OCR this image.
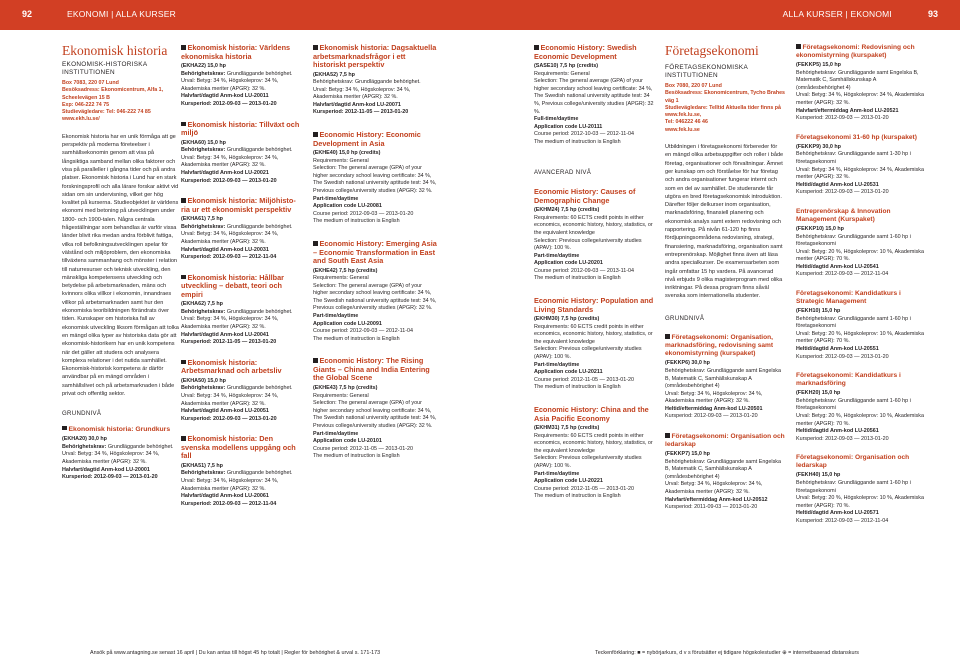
92	EKONOMI | ALLA KURSER	ALLA KURSER | EKONOMI	93
Ekonomisk historia
EKONOMISK-HISTORISKA INSTITUTIONEN
Box 7083, 220 07 Lund
Besöksadress: Ekonomicentrum, Alfa 1, Scheelevägen 15 B
Exp: 046-222 74 75
Studievägledare: Tel: 046-222 74 85
www.ekh.lu.se/
Ekonomisk historia har en unik förmåga att ge perspektiv på moderna företeelser i samhällsekonomin genom att visa på långsiktiga samband mellan olika faktorer och visa på paralleller i gångna tider och på andra platser. Ekonomisk historia i Lund har en stark forskningsprofil och alla lärare forskar aktivt vid sidan om sin undervisning, vilket ger hög kvalitet på kurserna. Studieobjektet är världens ekonomi med betoning på utvecklingen under 1800- och 1900-talen. Några centrala frågeställningar som behandlas är varför vissa länder blivit rika medan andra förblivit fattiga, vilka roll befolkningsutvecklingen spelar för välstånd och miljöproblem, den ekonomiska tillväxtens sammanhang och mönster i relation till naturresurser och teknisk utveckling, den mänskliga kompetensens utveckling och betydelse på arbetsmarknaden, mäns och kvinnors olika villkor i ekonomin, innandraes villkor på arbetsmarknaden samt hur den ekonomiska teoribildningen förändrats över tiden. Kunskaper om historiska fall av ekonomisk utveckling liksom förmågan att tolka en mängd olika typer av historiska data gör att ekonomisk-historikern har en unik kompetens när det gäller att studera och analysera komplexa relationer i det nutida samhället. Ekonomisk-historisk kompetens är därför användbar på en mängd områden i samhällslivet och på arbetsmarknaden i både privat och offentlig sektor.
GRUNDNIVÅ
Ekonomisk historia: Grundkurs
(EKHA20) 30,0 hp
Behörighetskrav: Grundläggande behörighet.
Urval: Betyg: 34 %, Högskoleprov: 34 %, Akademiska meriter (APGR): 32 %.
Halvfart/dagtid Anm-kod LU-20001
Kursperiod: 2012-09-03 — 2013-01-20
Ekonomisk historia: Världens ekonomiska historia
(EKHA22) 15,0 hp
Behörighetskrav: Grundläggande behörighet.
Urval: Betyg: 34 %, Högskoleprov: 34 %, Akademiska meriter (APGR): 32 %.
Halvfart/dagtid Anm-kod LU-20011
Kursperiod: 2012-09-03 — 2013-01-20
Ekonomisk historia: Tillväxt och miljö
(EKHA60) 15,0 hp
Behörighetskrav: Grundläggande behörighet.
Urval: Betyg: 34 %, Högskoleprov: 34 %, Akademiska meriter (APGR): 32 %.
Halvfart/dagtid Anm-kod LU-20021
Kursperiod: 2012-09-03 — 2013-01-20
Ekonomisk historia: Miljöhistoria ur ett ekonomiskt perspektiv
(EKHA61) 7,5 hp
Behörighetskrav: Grundläggande behörighet.
Urval: Betyg: 34 %, Högskoleprov: 34 %, Akademiska meriter (APGR): 32 %.
Halvfart/dagtid Anm-kod LU-20031
Kursperiod: 2012-09-03 — 2012-11-04
Ekonomisk historia: Hållbar utveckling – debatt, teori och empiri
(EKHA62) 7,5 hp
Behörighetskrav: Grundläggande behörighet.
Urval: Betyg: 34 %, Högskoleprov: 34 %, Akademiska meriter (APGR): 32 %.
Halvfart/dagtid Anm-kod LU-20041
Kursperiod: 2012-11-05 — 2013-01-20
Ekonomisk historia: Arbetsmarknad och arbetsliv
(EKHA50) 15,0 hp
Behörighetskrav: Grundläggande behörighet.
Urval: Betyg: 34 %, Högskoleprov: 34 %, Akademiska meriter (APGR): 32 %.
Halvfart/dagtid Anm-kod LU-20051
Kursperiod: 2012-09-03 — 2013-01-20
Ekonomisk historia: Den svenska modellens uppgång och fall
(EKHA51) 7,5 hp
Behörighetskrav: Grundläggande behörighet.
Urval: Betyg: 34 %, Högskoleprov: 34 %, Akademiska meriter (APGR): 32 %.
Halvfart/dagtid Anm-kod LU-20061
Kursperiod: 2012-09-03 — 2012-11-04
Ekonomisk historia: Dagsaktuella arbetsmarknadsfrågor i ett historiskt perspektiv
(EKHA52) 7,5 hp
Behörighetskrav: Grundläggande behörighet.
Urval: Betyg: 34 %, Högskoleprov: 34 %, Akademiska meriter (APGR): 32 %.
Halvfart/dagtid Anm-kod LU-20071
Kursperiod: 2012-11-05 — 2013-01-20
Economic History: Economic Development in Asia
(EKHE40) 15,0 hp (credits)
Requirements: General
Selection: The general average (GPA) of your higher secondary school leaving certificate: 34 %, The Swedish national university aptitude test: 34 %, Previous college/university studies (APGR): 32 %.
Part-time/daytime
Application code LU-20081
Course period: 2012-09-03 — 2013-01-20
The medium of instruction is English
Economic History: Emerging Asia – Economic Transformation in East and South East Asia
(EKHE42) 7,5 hp (credits)
Requirements: General
Selection: The general average (GPA) of your higher secondary school leaving certificate: 34 %, The Swedish national university aptitude test: 34 %, Previous college/university studies (APGR): 32 %.
Part-time/daytime
Application code LU-20091
Course period: 2012-09-03 — 2012-11-04
The medium of instruction is English
Economic History: The Rising Giants – China and India Entering the Global Scene
(EKHE43) 7,5 hp (credits)
Requirements: General
Selection: The general average (GPA) of your higher secondary school leaving certificate: 34 %, The Swedish national university aptitude test: 34 %, Previous college/university studies (APGR): 32 %.
Part-time/daytime
Application code LU-20101
Course period: 2012-11-05 — 2013-01-20
The medium of instruction is English
Economic History: Swedish Economic Development
(SASE10) 7,5 hp (credits)
Requirements: General
Selection: The general average (GPA) of your higher secondary school leaving certificate: 34 %, The Swedish national university aptitude test: 34 %, Previous college/university studies (APGR): 32 %.
Full-time/daytime
Application code LU-20111
Course period: 2012-10-03 — 2012-11-04
The medium of instruction is English
AVANCERAD NIVÅ
Economic History: Causes of Demographic Change
(EKHM24) 7,5 hp (credits)
Requirements: 60 ECTS credit points in either economics, economic history, history, statistics, or the equivalent knowledge
Selection: Previous college/university studies (APAV): 100 %.
Part-time/daytime
Application code LU-20201
Course period: 2012-09-03 — 2013-11-04
The medium of instruction is English
Economic History: Population and Living Standards
(EKHM30) 7,5 hp (credits)
Requirements: 60 ECTS credit points in either economics, economic history, history, statistics, or the equivalent knowledge
Selection: Previous college/university studies (APAV): 100 %.
Part-time/daytime
Application code LU-20211
Course period: 2012-11-05 — 2013-01-20
The medium of instruction is English
Economic History: China and the Asia Pacific Economy
(EKHM31) 7,5 hp (credits)
Requirements: 60 ECTS credit points in either economics, economic history, history, statistics, or the equivalent knowledge
Selection: Previous college/university studies (APAV): 100 %.
Part-time/daytime
Application code LU-20221
Course period: 2012-11-05 — 2013-01-20
The medium of instruction is English
Företagsekonomi
FÖRETAGSEKONOMISKA INSTITUTIONEN
Box 7080, 220 07 Lund
Besöksadress: Ekonomicentrum, Tycho Brahes väg 1
Studievägledare: Telltid Aktuella tider finns på www.fek.lu.se,
Tel: 046222 46 46
www.fek.lu.se
Utbildningen i företagsekonomi förbereder för en mängd olika arbetsuppgifter och roller i både företag, organisationer och förvaltningar. Ämnet ger kunskap om och förståelse för hur företag och andra organisationer fungerar internt och som en del av samhället. De studerande får utgöra en bred företagsekonomisk introduktion. Därefter följer delkurser inom organisation, marknadsföring, finansiell planering och ekonomisk analys samt extern redovisning och rapportering. På nivån 61-120 hp finns fördjupningsområdena redovisning, strategi, finansiering, marknadsföring, organisation samt entreprenörskap. Möjlighet finns även att läsa andra specialkurser. De examensarbeten som ingår omfattar 15 hp vardera. På avancerad nivå erbjuds 9 olika magisterprogram med olika inriktningar. På dessa program finns såväl svenska som internationella studenter.
GRUNDNIVÅ
Företagsekonomi: Organisation, marknadsföring, redovisning samt ekonomistyrning (kurspaket)
(FEKKP6) 30,0 hp
Behörighetskrav: Grundläggande samt Engelska B, Matematik C, Samhällskunskap A (områdesbehörighet 4)
Urval: Betyg: 34 %, Högskoleprov: 34 %, Akademiska meriter (APGR): 32 %.
Heltid/eftermiddag Anm-kod LU-20501
Kursperiod: 2012-09-03 — 2013-01-20
Företagsekonomi: Organisation och ledarskap
(FEKKP7) 15,0 hp
Behörighetskrav: Grundläggande samt Engelska B, Matematik C, Samhällskunskap A (områdesbehörighet 4)
Urval: Betyg: 34 %, Högskoleprov: 34 %, Akademiska meriter (APGR): 32 %.
Halvfart/eftermiddag Anm-kod LU-20512
Kursperiod: 2011-09-03 — 2013-01-20
Företagsekonomi: Redovisning och ekonomistyrning (kurspaket)
(FEKKP5) 15,0 hp
Behörighetskrav: Grundläggande samt Engelska B, Matematik C, Samhällskunskap A (områdesbehörighet 4)
Urval: Betyg: 34 %, Högskoleprov: 34 %, Akademiska meriter (APGR): 32 %.
Halvfart/eftermiddag Anm-kod LU-20521
Kursperiod: 2012-09-03 — 2013-01-20
Företagsekonomi 31-60 hp (kurspaket)
(FEKKP9) 30,0 hp
Behörighetskrav: Grundläggande samt 1-30 hp i företagsekonomi
Urval: Betyg: 34 %, Högskoleprov: 34 %, Akademiska meriter (APGR): 32 %.
Heltid/dagtid Anm-kod LU-20531
Kursperiod: 2012-09-03 — 2013-01-20
Entreprenörskap & Innovation Management (Kurspaket)
(FEKKP10) 15,0 hp
Behörighetskrav: Grundläggande samt 1-60 hp i företagsekonomi
Urval: Betyg: 20 %, Högskoleprov: 10 %, Akademiska meriter (APGR): 70 %.
Heltid/dagtid Anm-kod LU-20541
Kursperiod: 2012-09-03 — 2012-11-04
Företagsekonomi: Kandidatkurs i Strategic Management
(FEKH10) 15,0 hp
Behörighetskrav: Grundläggande samt 1-60 hp i företagsekonomi
Urval: Betyg: 20 %, Högskoleprov: 10 %, Akademiska meriter (APGR): 70 %.
Heltid/dagtid Anm-kod LU-20551
Kursperiod: 2012-09-03 — 2013-01-20
Företagsekonomi: Kandidatkurs i marknadsföring
(FEKH20) 15,0 hp
Behörighetskrav: Grundläggande samt 1-60 hp i företagsekonomi
Urval: Betyg: 20 %, Högskoleprov: 10 %, Akademiska meriter (APGR): 70 %.
Heltid/dagtid Anm-kod LU-20561
Kursperiod: 2012-09-03 — 2013-01-20
Företagsekonomi: Organisation och ledarskap
(FEKH40) 15,0 hp
Behörighetskrav: Grundläggande samt 1-60 hp i företagsekonomi
Urval: Betyg: 20 %, Högskoleprov: 10 %, Akademiska meriter (APGR): 70 %.
Heltid/dagtid Anm-kod LU-20571
Kursperiod: 2012-09-03 — 2012-11-04
Ansök på www.antagning.se senast 16 april | Du kan antas till högst 45 hp totalt | Regler för behörighet & urval s. 171-173	Teckenförklaring: ■ = nybörjarkurs, d v s förutsätter ej tidigare högskolestudier ⊕ = internetbaserad distanskurs
